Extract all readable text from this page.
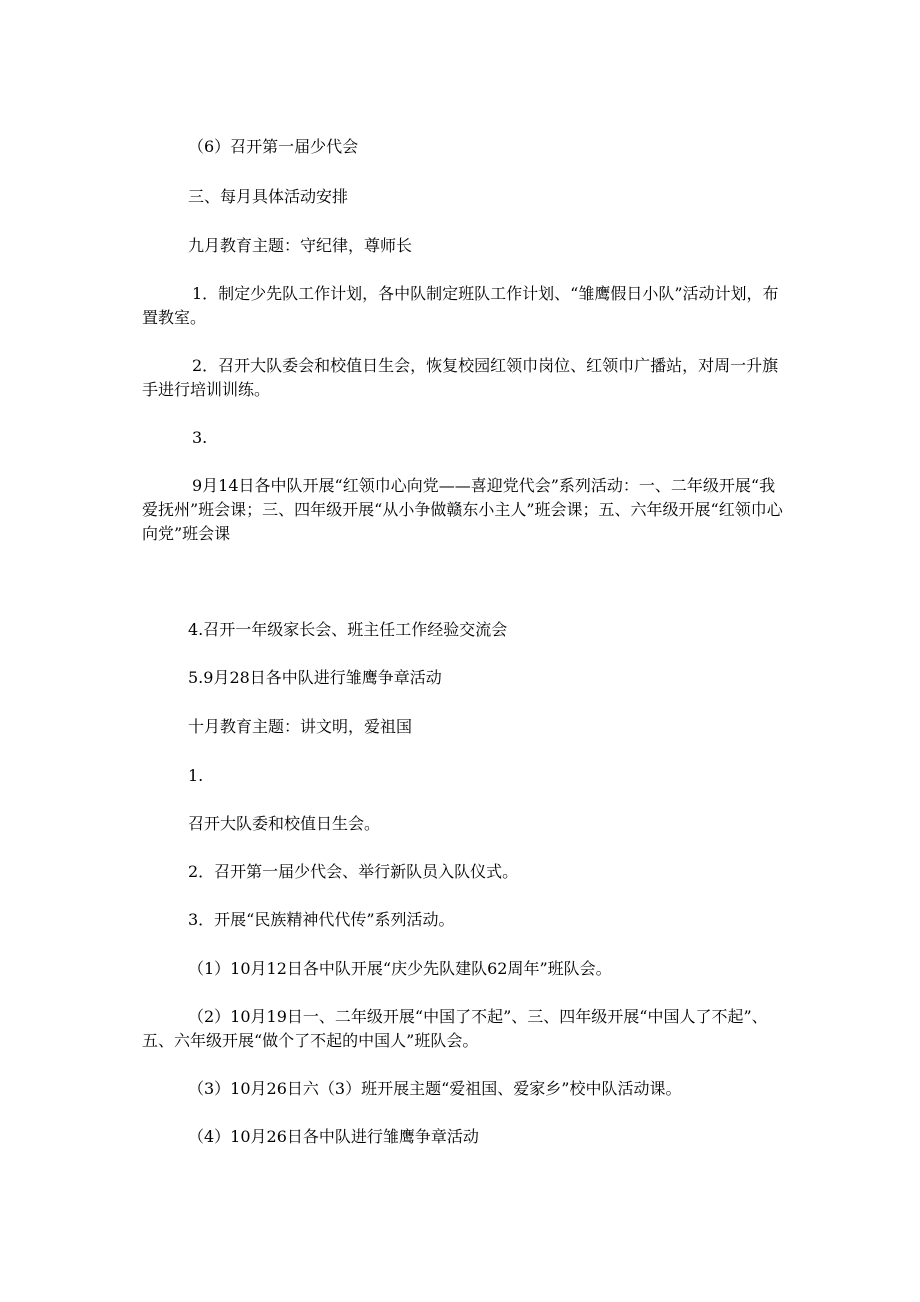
（6）召开第一届少代会

三、每月具体活动安排

九月教育主题：守纪律，尊师长

1．制定少先队工作计划，各中队制定班队工作计划、“雏鹰假日小队”活动计划，布置教室。

2．召开大队委会和校值日生会，恢复校园红领巾岗位、红领巾广播站，对周一升旗手进行培训训练。

3.

9月14日各中队开展“红领巾心向党——喜迎党代会”系列活动：一、二年级开展“我爱抚州”班会课；三、四年级开展“从小争做赣东小主人”班会课；五、六年级开展“红领巾心向党”班会课

4.召开一年级家长会、班主任工作经验交流会

5.9月28日各中队进行雏鹰争章活动

十月教育主题：讲文明，爱祖国

1.

召开大队委和校值日生会。

2．召开第一届少代会、举行新队员入队仪式。

3．开展“民族精神代代传”系列活动。

（1）10月12日各中队开展“庆少先队建队62周年”班队会。

（2）10月19日一、二年级开展“中国了不起”、三、四年级开展“中国人了不起”、五、六年级开展“做个了不起的中国人”班队会。

（3）10月26日六（3）班开展主题“爱祖国、爱家乡”校中队活动课。

（4）10月26日各中队进行雏鹰争章活动
